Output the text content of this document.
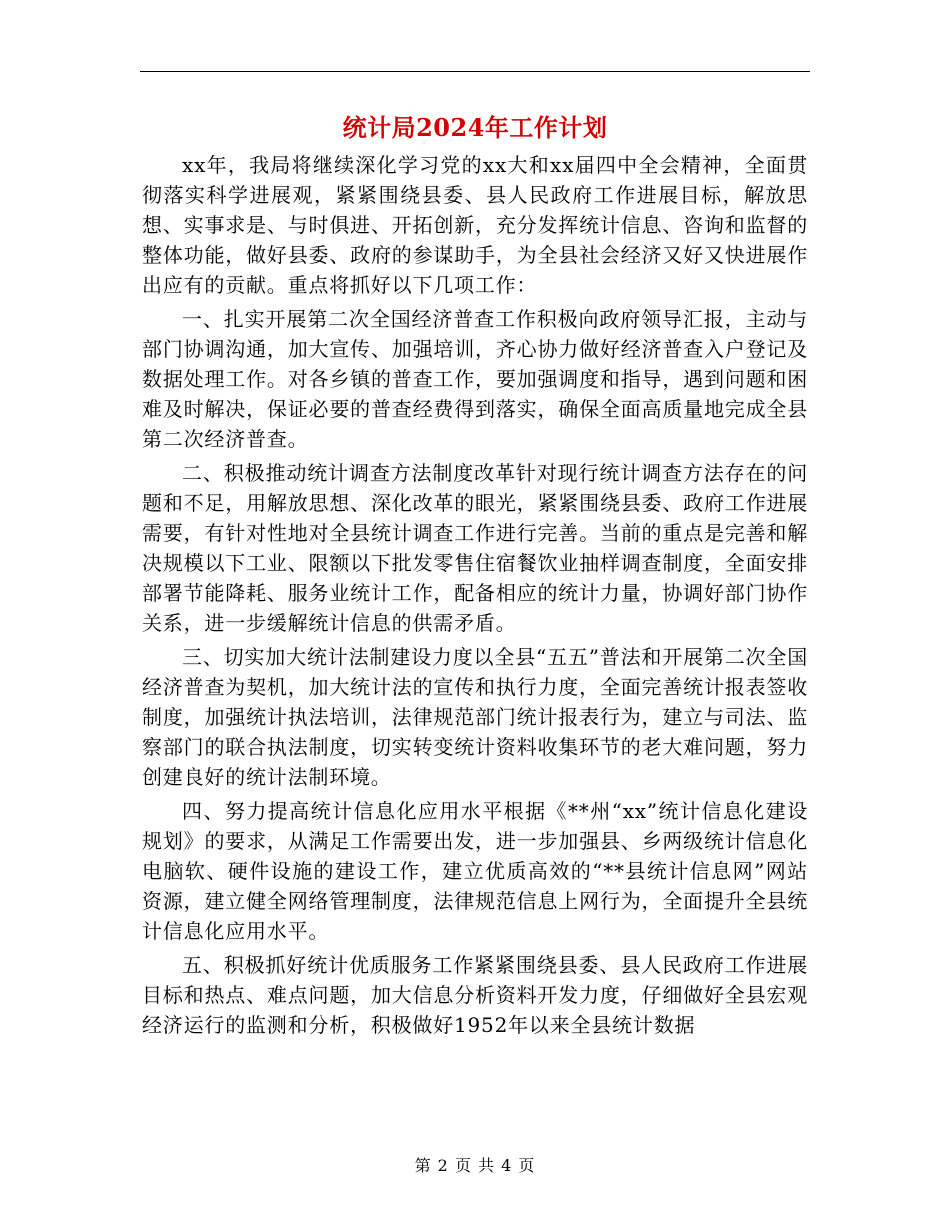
统计局2024年工作计划

xx年，我局将继续深化学习党的xx大和xx届四中全会精神，全面贯彻落实科学进展观，紧紧围绕县委、县人民政府工作进展目标，解放思想、实事求是、与时俱进、开拓创新，充分发挥统计信息、咨询和监督的整体功能，做好县委、政府的参谋助手，为全县社会经济又好又快进展作出应有的贡献。重点将抓好以下几项工作：

一、扎实开展第二次全国经济普查工作积极向政府领导汇报，主动与部门协调沟通，加大宣传、加强培训，齐心协力做好经济普查入户登记及数据处理工作。对各乡镇的普查工作，要加强调度和指导，遇到问题和困难及时解决，保证必要的普查经费得到落实，确保全面高质量地完成全县第二次经济普查。

二、积极推动统计调查方法制度改革针对现行统计调查方法存在的问题和不足，用解放思想、深化改革的眼光，紧紧围绕县委、政府工作进展需要，有针对性地对全县统计调查工作进行完善。当前的重点是完善和解决规模以下工业、限额以下批发零售住宿餐饮业抽样调查制度，全面安排部署节能降耗、服务业统计工作，配备相应的统计力量，协调好部门协作关系，进一步缓解统计信息的供需矛盾。

三、切实加大统计法制建设力度以全县“五五”普法和开展第二次全国经济普查为契机，加大统计法的宣传和执行力度，全面完善统计报表签收制度，加强统计执法培训，法律规范部门统计报表行为，建立与司法、监察部门的联合执法制度，切实转变统计资料收集环节的老大难问题，努力创建良好的统计法制环境。

四、努力提高统计信息化应用水平根据《**州“xx”统计信息化建设规划》的要求，从满足工作需要出发，进一步加强县、乡两级统计信息化电脑软、硬件设施的建设工作，建立优质高效的“**县统计信息网”网站资源，建立健全网络管理制度，法律规范信息上网行为，全面提升全县统计信息化应用水平。

五、积极抓好统计优质服务工作紧紧围绕县委、县人民政府工作进展目标和热点、难点问题，加大信息分析资料开发力度，仔细做好全县宏观经济运行的监测和分析，积极做好1952年以来全县统计数据

第 2 页 共 4 页
